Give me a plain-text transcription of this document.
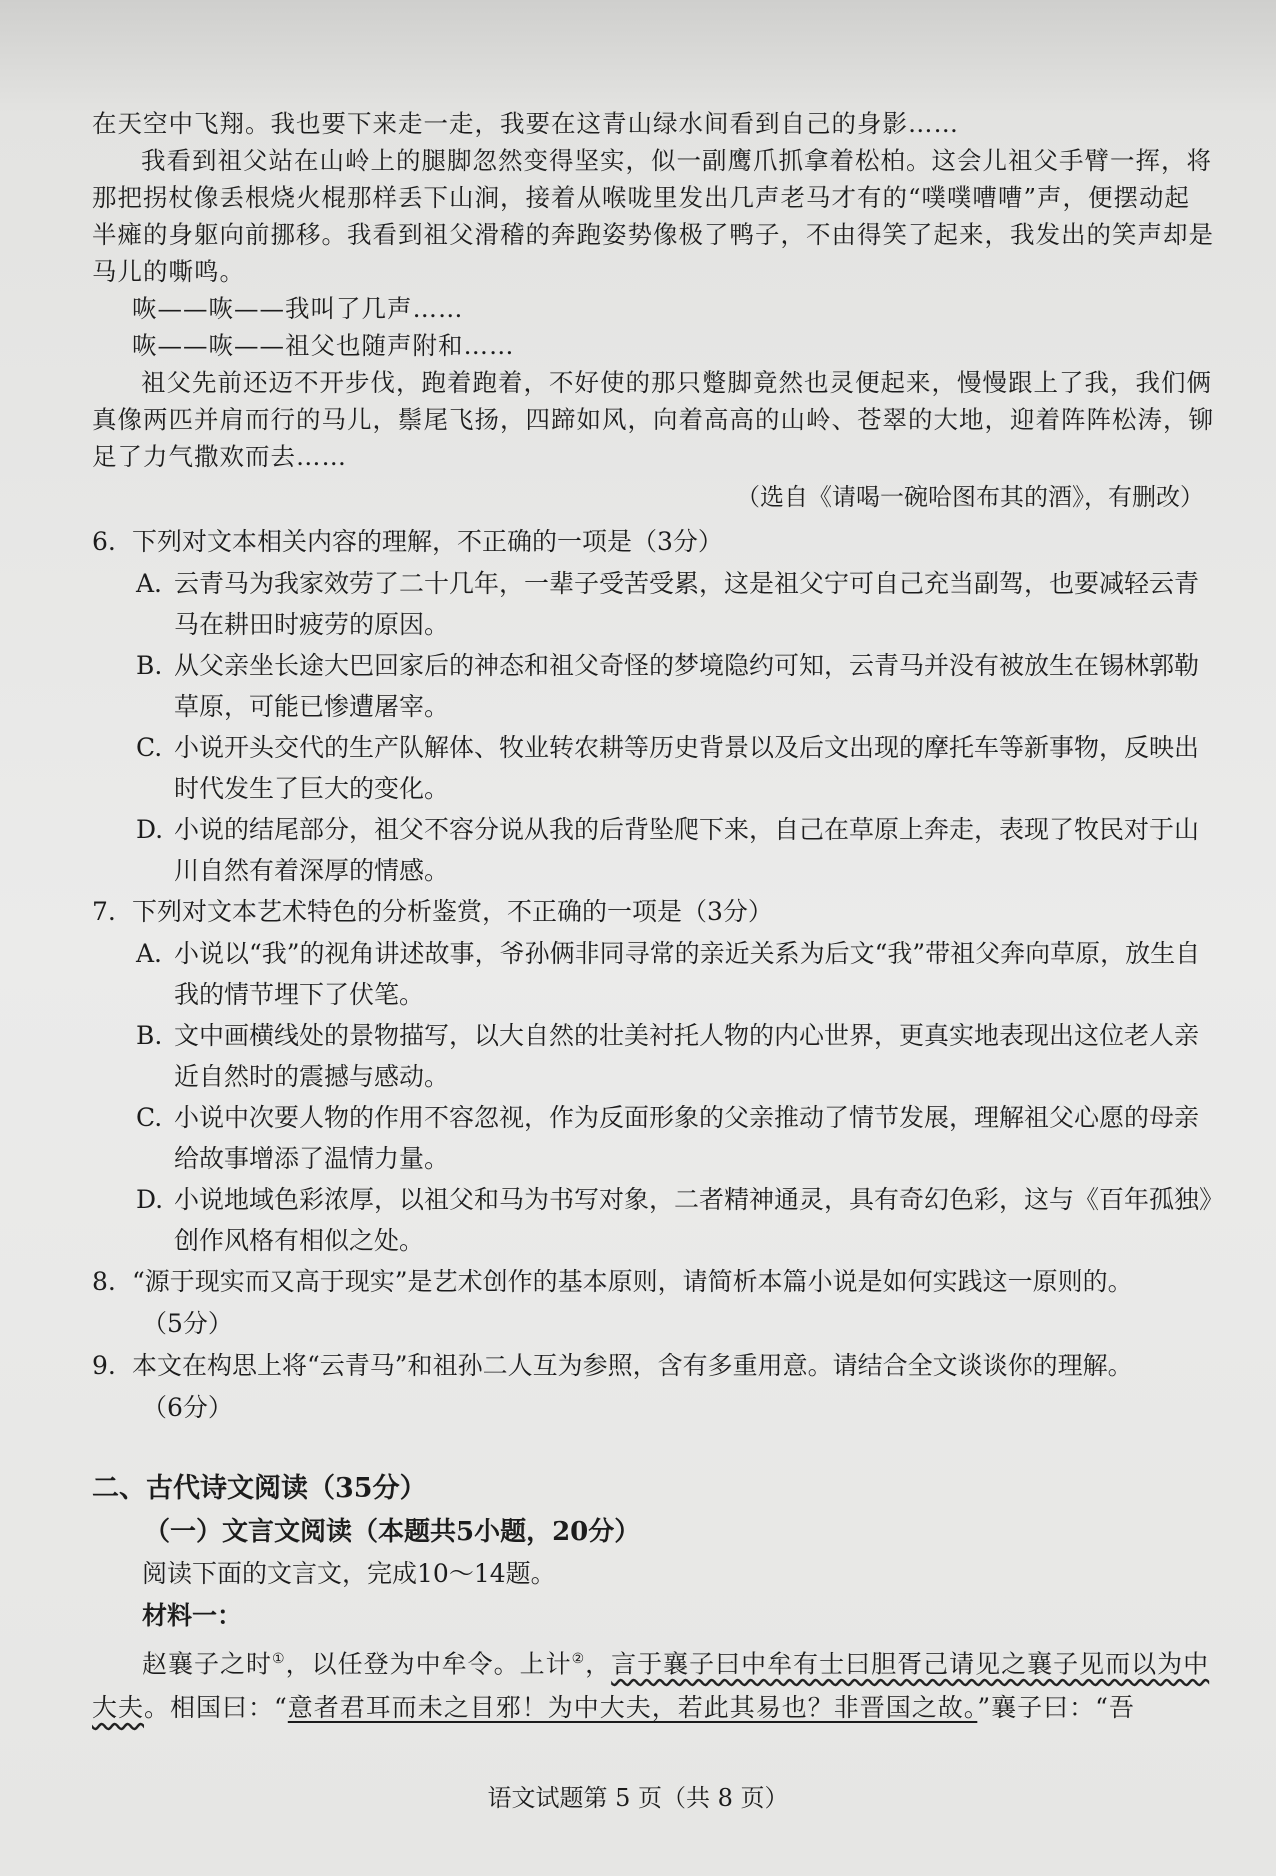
在天空中飞翔。我也要下来走一走，我要在这青山绿水间看到自己的身影……

我看到祖父站在山岭上的腿脚忽然变得坚实，似一副鹰爪抓拿着松柏。这会儿祖父手臂一挥，将那把拐杖像丢根烧火棍那样丢下山涧，接着从喉咙里发出几声老马才有的“噗噗嘈嘈”声，便摆动起半瘫的身躯向前挪移。我看到祖父滑稽的奔跑姿势像极了鸭子，不由得笑了起来，我发出的笑声却是马儿的嘶鸣。

咴——咴——我叫了几声……

咴——咴——祖父也随声附和……

祖父先前还迈不开步伐，跑着跑着，不好使的那只蹩脚竟然也灵便起来，慢慢跟上了我，我们俩真像两匹并肩而行的马儿，鬃尾飞扬，四蹄如风，向着高高的山岭、苍翠的大地，迎着阵阵松涛，铆足了力气撒欢而去……

（选自《请喝一碗哈图布其的酒》，有删改）

6. 下列对文本相关内容的理解，不正确的一项是（3分）

A. 云青马为我家效劳了二十几年，一辈子受苦受累，这是祖父宁可自己充当副驾，也要减轻云青马在耕田时疲劳的原因。

B. 从父亲坐长途大巴回家后的神态和祖父奇怪的梦境隐约可知，云青马并没有被放生在锡林郭勒草原，可能已惨遭屠宰。

C. 小说开头交代的生产队解体、牧业转农耕等历史背景以及后文出现的摩托车等新事物，反映出时代发生了巨大的变化。

D. 小说的结尾部分，祖父不容分说从我的后背坠爬下来，自己在草原上奔走，表现了牧民对于山川自然有着深厚的情感。

7. 下列对文本艺术特色的分析鉴赏，不正确的一项是（3分）

A. 小说以“我”的视角讲述故事，爷孙俩非同寻常的亲近关系为后文“我”带祖父奔向草原，放生自我的情节埋下了伏笔。

B. 文中画横线处的景物描写，以大自然的壮美衬托人物的内心世界，更真实地表现出这位老人亲近自然时的震撼与感动。

C. 小说中次要人物的作用不容忽视，作为反面形象的父亲推动了情节发展，理解祖父心愿的母亲给故事增添了温情力量。

D. 小说地域色彩浓厚，以祖父和马为书写对象，二者精神通灵，具有奇幻色彩，这与《百年孤独》创作风格有相似之处。

8. “源于现实而又高于现实”是艺术创作的基本原则，请简析本篇小说是如何实践这一原则的。

（5分）

9. 本文在构思上将“云青马”和祖孙二人互为参照，含有多重用意。请结合全文谈谈你的理解。

（6分）

二、古代诗文阅读（35分）

（一）文言文阅读（本题共5小题，20分）

阅读下面的文言文，完成10～14题。

材料一：

赵襄子之时①，以任登为中牟令。上计②，言于襄子曰中牟有士曰胆胥己请见之襄子见而以为中大夫。相国曰：“意者君耳而未之目邪！为中大夫，若此其易也？非晋国之故。”襄子曰：“吾

语文试题第 5 页（共 8 页）
